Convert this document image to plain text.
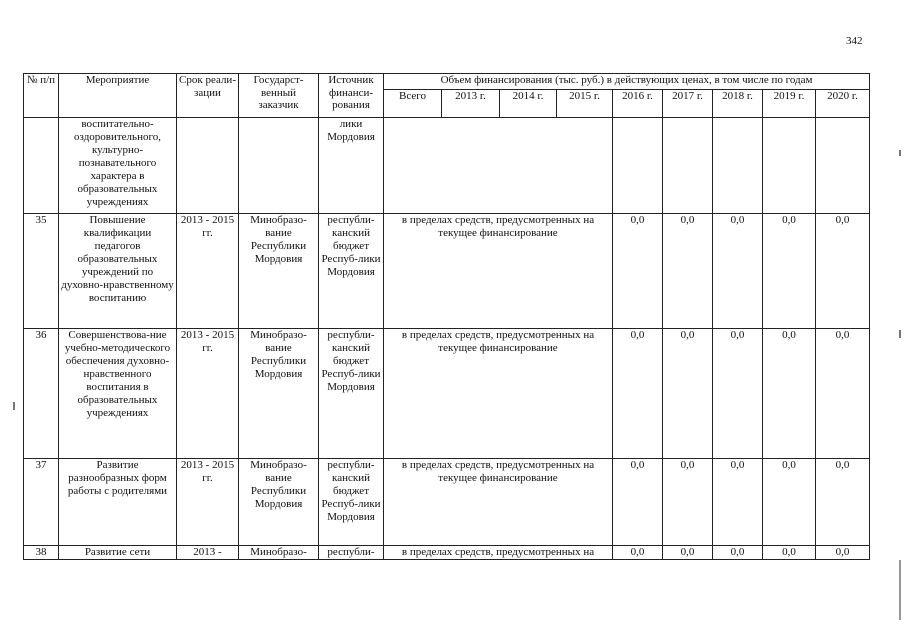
342
№ п/п	Мероприятие	Срок реали-зации	Государст-венный заказчик	Источник финанси-рования	Объем финансирования (тыс. руб.) в действующих ценах, в том числе по годам								
					Всего	2013 г.	2014 г.	2015 г.	2016 г.	2017 г.	2018 г.	2019 г.	2020 г.
	воспитательно-оздоровительного, культурно-познавательного характера в образовательных учреждениях			лики Мордовия									
35	Повышение квалификации педагогов образовательных учреждений по духовно-нравственному воспитанию	2013 - 2015 гг.	Минобразо-вание Республики Мордовия	республи-канский бюджет Респуб-лики Мордовия	в пределах средств, предусмотренных на текущее финансирование				0,0	0,0	0,0	0,0	0,0
36	Совершенствова-ние учебно-методического обеспечения духовно-нравственного воспитания в образовательных учреждениях	2013 - 2015 гг.	Минобразо-вание Республики Мордовия	республи-канский бюджет Респуб-лики Мордовия	в пределах средств, предусмотренных на текущее финансирование				0,0	0,0	0,0	0,0	0,0
37	Развитие разнообразных форм работы с родителями	2013 - 2015 гг.	Минобразо-вание Республики Мордовия	республи-канский бюджет Респуб-лики Мордовия	в пределах средств, предусмотренных на текущее финансирование				0,0	0,0	0,0	0,0	0,0
38	Развитие сети	2013 -	Минобразо-	республи-	в пределах средств, предусмотренных на				0,0	0,0	0,0	0,0	0,0
